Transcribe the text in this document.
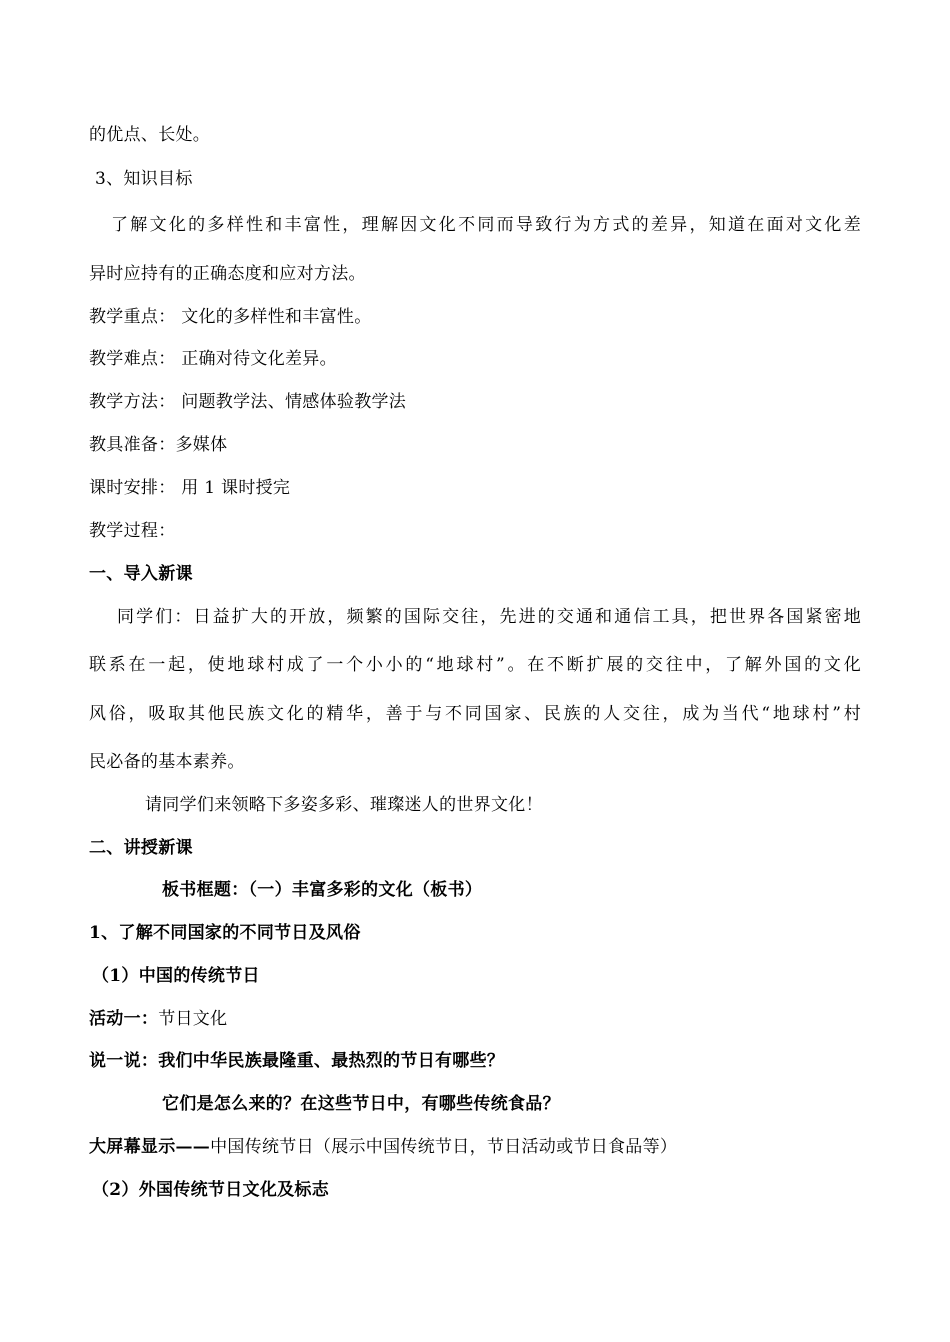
的优点、长处。
3、知识目标
了解文化的多样性和丰富性，理解因文化不同而导致行为方式的差异，知道在面对文化差
异时应持有的正确态度和应对方法。
教学重点： 文化的多样性和丰富性。
教学难点： 正确对待文化差异。
教学方法： 问题教学法、情感体验教学法
教具准备：多媒体
课时安排： 用 1 课时授完
教学过程：
一、导入新课
同学们：日益扩大的开放，频繁的国际交往，先进的交通和通信工具，把世界各国紧密地
联系在一起，使地球村成了一个小小的“地球村”。在不断扩展的交往中，了解外国的文化
风俗，吸取其他民族文化的精华，善于与不同国家、民族的人交往，成为当代“地球村”村
民必备的基本素养。
请同学们来领略下多姿多彩、璀璨迷人的世界文化！
二、讲授新课
板书框题：（一）丰富多彩的文化（板书）
1、了解不同国家的不同节日及风俗
（1）中国的传统节日
活动一：节日文化
说一说：我们中华民族最隆重、最热烈的节日有哪些？
它们是怎么来的？在这些节日中，有哪些传统食品？
大屏幕显示——中国传统节日（展示中国传统节日，节日活动或节日食品等）
（2）外国传统节日文化及标志
